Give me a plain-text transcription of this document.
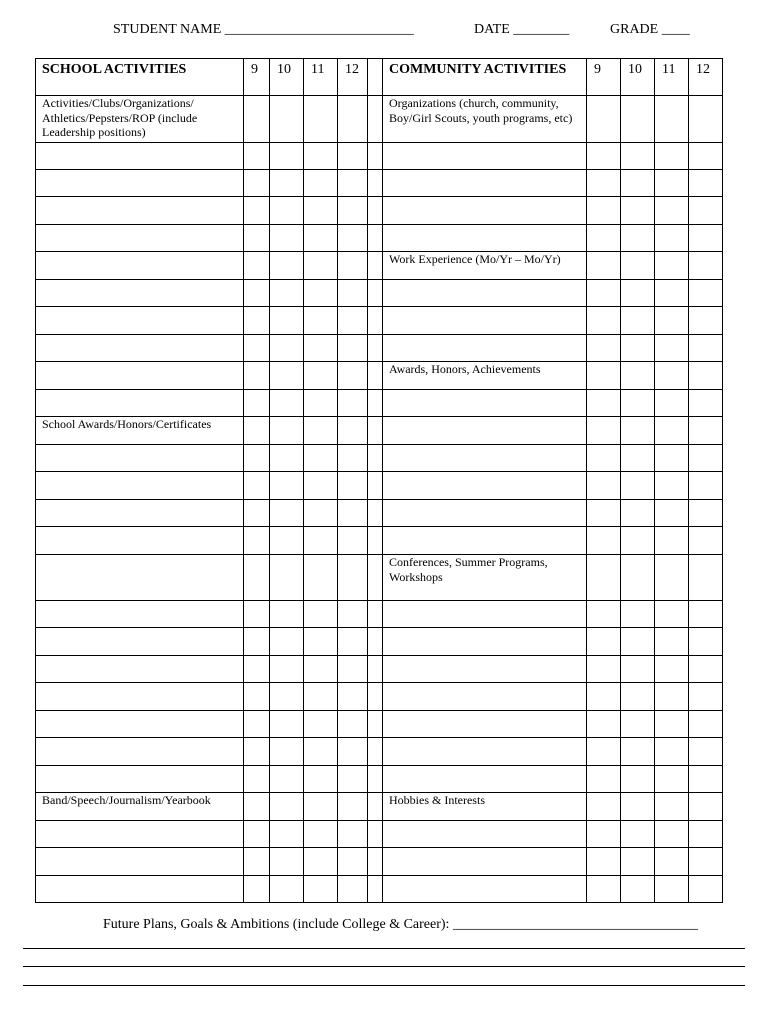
STUDENT NAME ___________________________	DATE ________	GRADE ____
SCHOOL ACTIVITIES	9	10	11	12		COMMUNITY ACTIVITIES	9	10	11	12
Activities/Clubs/Organizations/ Athletics/Pepsters/ROP (include Leadership positions)						Organizations (church, community, Boy/Girl Scouts, youth programs, etc)				

						Work Experience (Mo/Yr – Mo/Yr)				

						Awards, Honors, Achievements				

School Awards/Honors/Certificates										

						Conferences, Summer Programs, Workshops				

Band/Speech/Journalism/Yearbook						Hobbies & Interests				

Future Plans, Goals & Ambitions (include College & Career): ___________________________________
